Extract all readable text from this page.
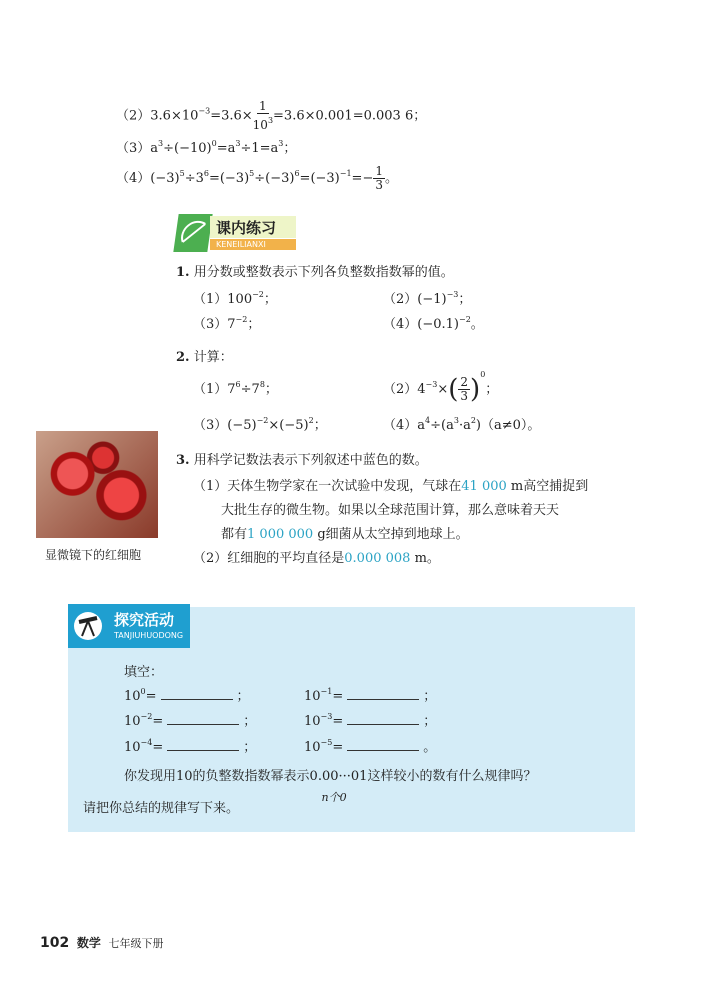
$(2)3.6\times 10^{-3}=3.6\times \frac{1}{10^3} =3.6\times 0.001=0.003$ 6；
$(3)a^3\div(-10)^0=a^3\div 1=a^3$；
$(4)(-3)^5\div 3^6=(-3)^5\div(-3)^6=(-3)^{-1}=- \frac{1}{3}$ 。
课内练习
KENEILIANXI
1. 用分数或整数表示下列各负整数指数幂的值。
$(1)100^{-2}$；	$(2)(-1)^{-3}$；
$(3)7^{-2}$；	$(4)(-0.1)^{-2}$。
2. 计算：
$(1)7^6\div 7^8$；	$(2)4^{-3}\times( \frac{2}{3} )^0$；
$(3)(-5)^{-2}\times(-5)^2$；	$(4)a^4\div(a^3\cdot a^2)(a\ne 0)$。
显微镜下的红细胞
3. 用科学记数法表示下列叙述中蓝色的数。
（1）天体生物学家在一次试验中发现，气球在41 000 m高空捕捉到
大批生存的微生物。如果以全球范围计算，那么意味着天天
都有1 000 000 g细菌从太空掉到地球上。
（2）红细胞的平均直径是0.000 008 m。
探究活动
TANJIUHUODONG
填空：
$10^0=$	；	$10^{-1}=$	；
$10^{-2}=$	；	$10^{-3}=$	；
$10^{-4}=$	；	$10^{-5}=$	。
你发现用10的负整数指数幂表示0.00···01
n个0
这样较小的数有什么规律吗？
请把你总结的规律写下来。
102 数学 七年级下册
